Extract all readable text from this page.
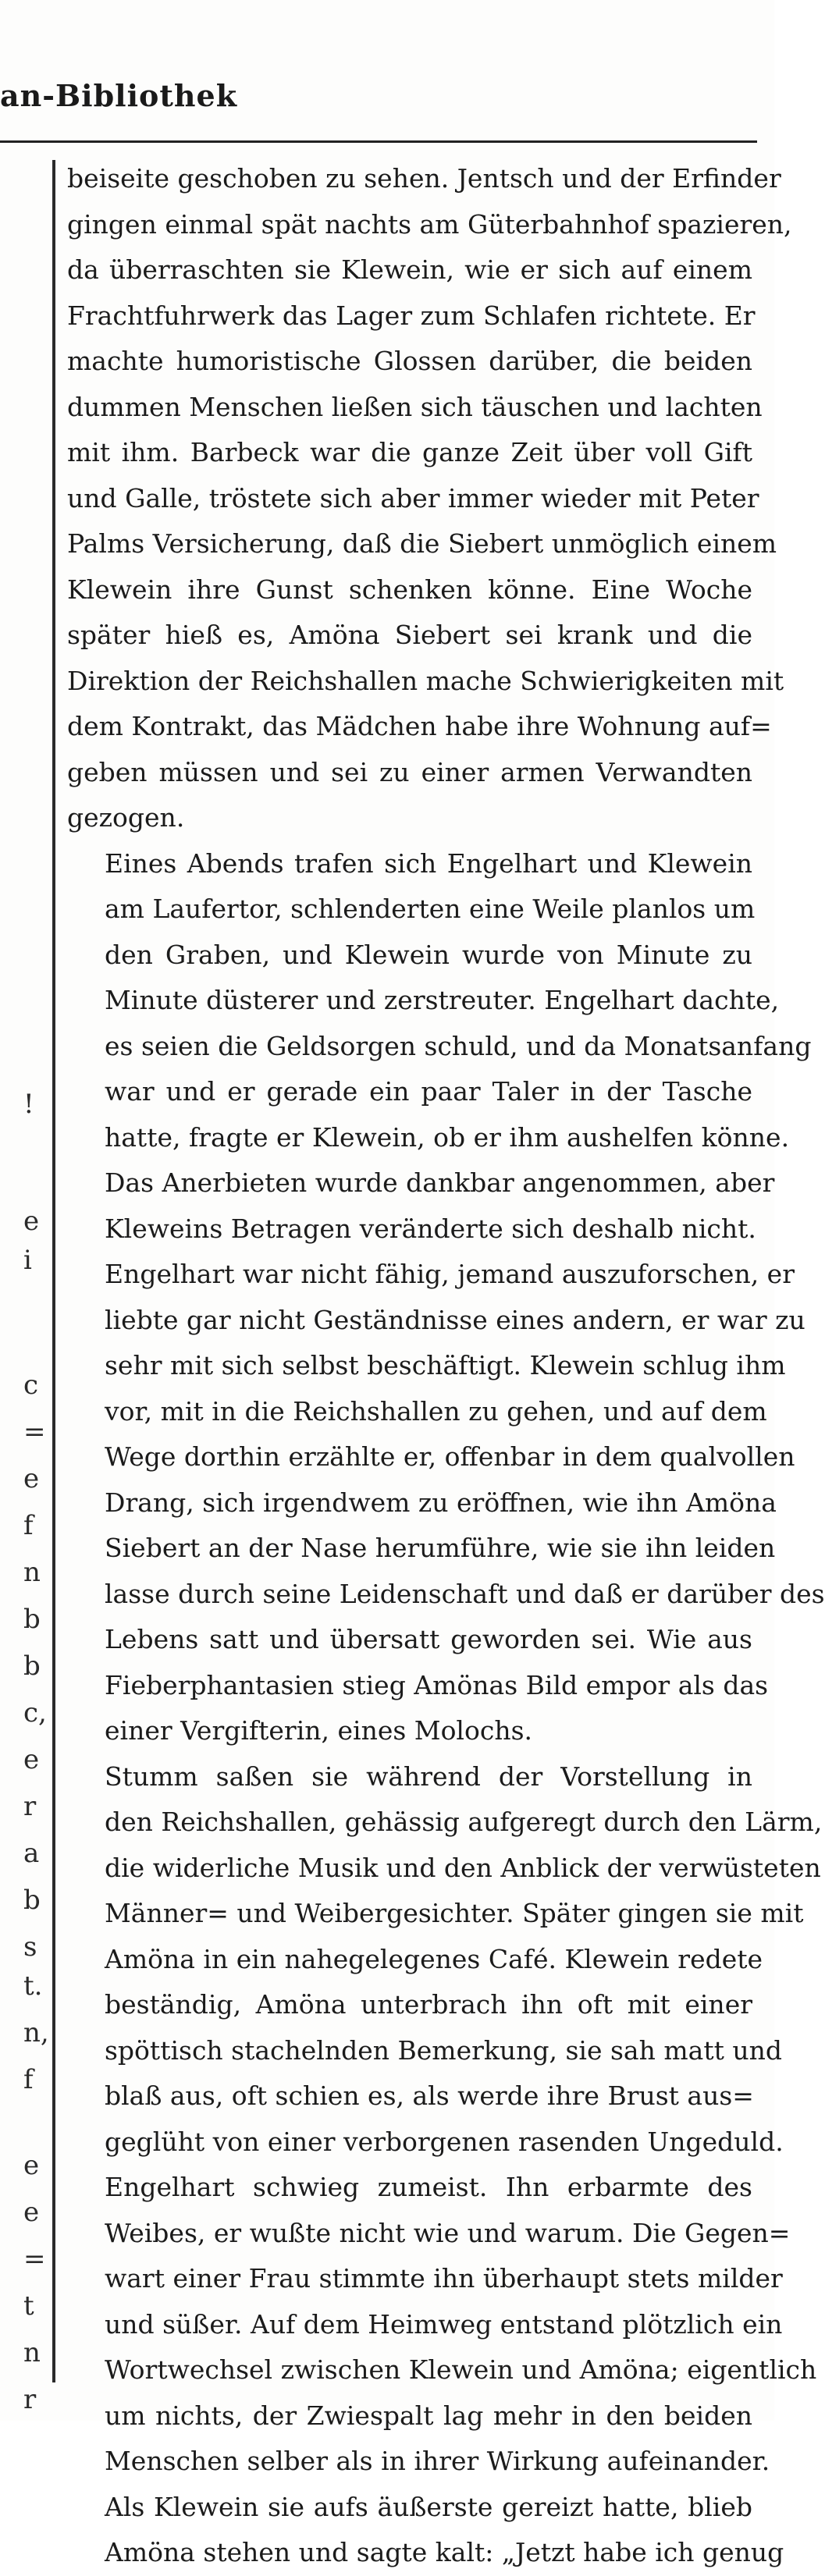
an-Bibliothek
!
e
i
c
=
e
f
n
b
b
c,
e
r
a
b
s
t.
n,
f
e
e
=
t
n
r

beiseite geschoben zu sehen. Jentsch und der Erfinder
gingen einmal spät nachts am Güterbahnhof spazieren,
da überraschten sie Klewein, wie er sich auf einem
Frachtfuhrwerk das Lager zum Schlafen richtete. Er
machte humoristische Glossen darüber, die beiden
dummen Menschen ließen sich täuschen und lachten
mit ihm. Barbeck war die ganze Zeit über voll Gift
und Galle, tröstete sich aber immer wieder mit Peter
Palms Versicherung, daß die Siebert unmöglich einem
Klewein ihre Gunst schenken könne. Eine Woche
später hieß es, Amöna Siebert sei krank und die
Direktion der Reichshallen mache Schwierigkeiten mit
dem Kontrakt, das Mädchen habe ihre Wohnung auf=
geben müssen und sei zu einer armen Verwandten
gezogen.

Eines Abends trafen sich Engelhart und Klewein
am Laufertor, schlenderten eine Weile planlos um
den Graben, und Klewein wurde von Minute zu
Minute düsterer und zerstreuter. Engelhart dachte,
es seien die Geldsorgen schuld, und da Monatsanfang
war und er gerade ein paar Taler in der Tasche
hatte, fragte er Klewein, ob er ihm aushelfen könne.
Das Anerbieten wurde dankbar angenommen, aber
Kleweins Betragen veränderte sich deshalb nicht.
Engelhart war nicht fähig, jemand auszuforschen, er
liebte gar nicht Geständnisse eines andern, er war zu
sehr mit sich selbst beschäftigt. Klewein schlug ihm
vor, mit in die Reichshallen zu gehen, und auf dem
Wege dorthin erzählte er, offenbar in dem qualvollen
Drang, sich irgendwem zu eröffnen, wie ihn Amöna
Siebert an der Nase herumführe, wie sie ihn leiden
lasse durch seine Leidenschaft und daß er darüber des
Lebens satt und übersatt geworden sei. Wie aus
Fieberphantasien stieg Amönas Bild empor als das
einer Vergifterin, eines Molochs.

Stumm saßen sie während der Vorstellung in
den Reichshallen, gehässig aufgeregt durch den Lärm,
die widerliche Musik und den Anblick der verwüsteten
Männer= und Weibergesichter. Später gingen sie mit
Amöna in ein nahegelegenes Café. Klewein redete
beständig, Amöna unterbrach ihn oft mit einer
spöttisch stachelnden Bemerkung, sie sah matt und
blaß aus, oft schien es, als werde ihre Brust aus=
geglüht von einer verborgenen rasenden Ungeduld.

Engelhart schwieg zumeist. Ihn erbarmte des
Weibes, er wußte nicht wie und warum. Die Gegen=
wart einer Frau stimmte ihn überhaupt stets milder
und süßer. Auf dem Heimweg entstand plötzlich ein
Wortwechsel zwischen Klewein und Amöna; eigentlich
um nichts, der Zwiespalt lag mehr in den beiden
Menschen selber als in ihrer Wirkung aufeinander.
Als Klewein sie aufs äußerste gereizt hatte, blieb
Amöna stehen und sagte kalt: „Jetzt habe ich genug
